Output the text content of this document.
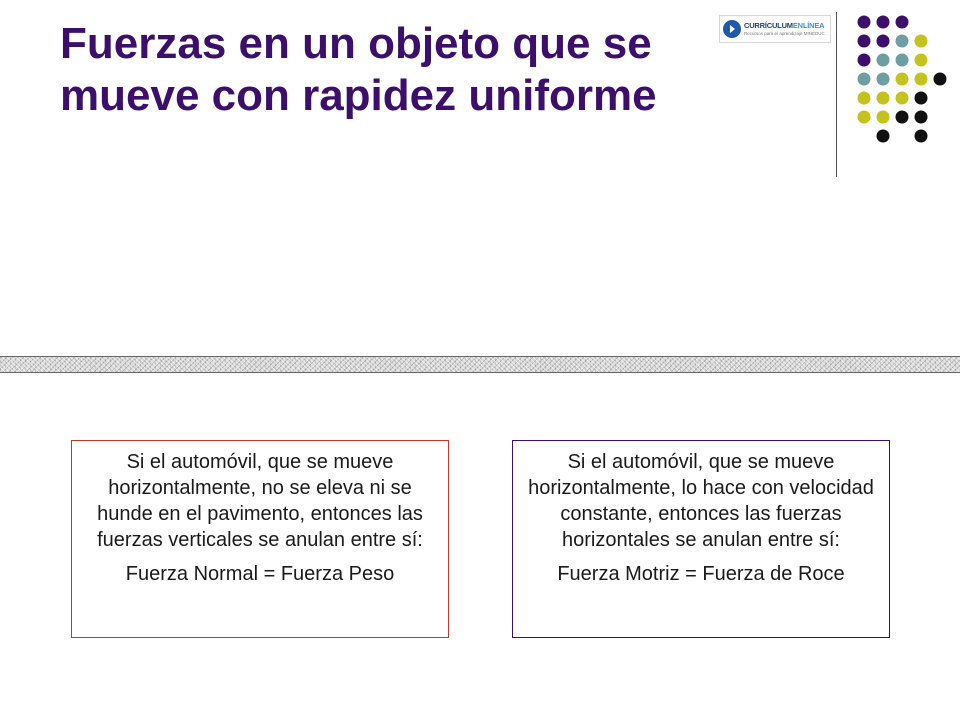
Fuerzas en un objeto que se
mueve con rapidez uniforme
CURRÍCULUMENLÍNEA
Recursos para el aprendizaje MINEDUC

Si el automóvil, que se mueve horizontalmente, no se eleva ni se hunde en el pavimento, entonces las fuerzas verticales se anulan entre sí:

Fuerza Normal = Fuerza Peso

Si el automóvil, que se mueve horizontalmente, lo hace con velocidad constante, entonces las fuerzas horizontales se anulan entre sí:

Fuerza Motriz = Fuerza de Roce
